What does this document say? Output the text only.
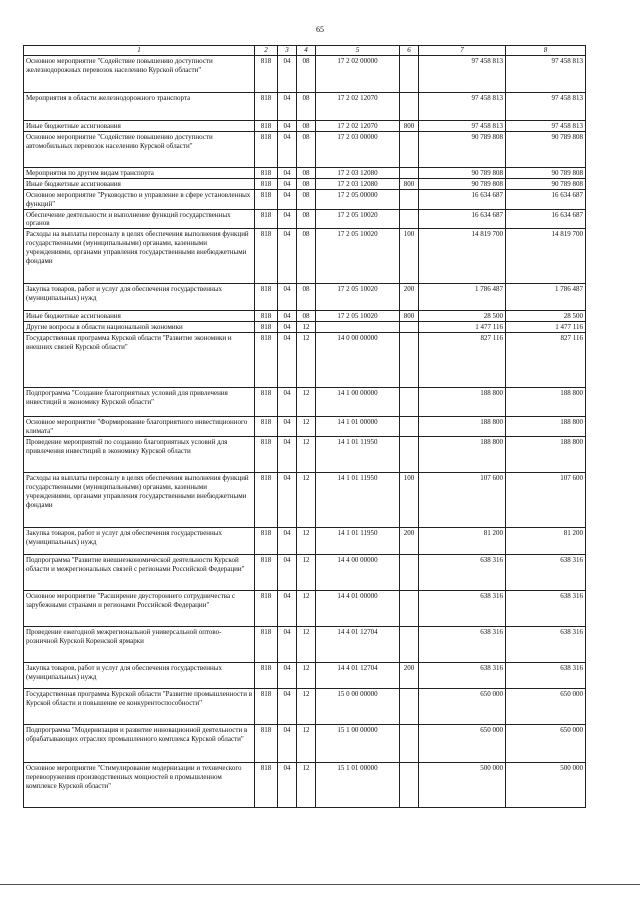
65
1	2	3	4	5	6	7	8
Основное мероприятие "Содействие повышению доступности железнодорожных перевозок населению Курской области"	818	04	08	17 2 02 00000		97 458 813	97 458 813
Мероприятия в области железнодорожного транспорта	818	04	08	17 2 02 12070		97 458 813	97 458 813
Иные бюджетные ассигнования	818	04	08	17 2 02 12070	800	97 458 813	97 458 813
Основное мероприятие "Содействие повышению доступности автомобильных перевозок населению Курской области"	818	04	08	17 2 03 00000		90 789 808	90 789 808
Мероприятия по другим видам транспорта	818	04	08	17 2 03 12080		90 789 808	90 789 808
Иные бюджетные ассигнования	818	04	08	17 2 03 12080	800	90 789 808	90 789 808
Основное мероприятие "Руководство и управление в сфере установленных функций"	818	04	08	17 2 05 00000		16 634 687	16 634 687
Обеспечение деятельности и выполнение функций государственных органов	818	04	08	17 2 05 10020		16 634 687	16 634 687
Расходы на выплаты персоналу в целях обеспечения выполнения функций государственными (муниципальными) органами, казенными учреждениями, органами управления государственными внебюджетными фондами	818	04	08	17 2 05 10020	100	14 819 700	14 819 700
Закупка товаров, работ и услуг для обеспечения государственных (муниципальных) нужд	818	04	08	17 2 05 10020	200	1 786 487	1 786 487
Иные бюджетные ассигнования	818	04	08	17 2 05 10020	800	28 500	28 500
Другие вопросы в области национальной экономики	818	04	12			1 477 116	1 477 116
Государственная программа Курской области "Развитие экономики и внешних связей Курской области"	818	04	12	14 0 00 00000		827 116	827 116
Подпрограмма "Создание благоприятных условий для привлечения инвестиций в экономику Курской области"	818	04	12	14 1 00 00000		188 800	188 800
Основное мероприятие "Формирование благоприятного инвестиционного климата"	818	04	12	14 1 01 00000		188 800	188 800
Проведение мероприятий по созданию благоприятных условий для привлечения инвестиций в экономику Курской области	818	04	12	14 1 01 11950		188 800	188 800
Расходы на выплаты персоналу в целях обеспечения выполнения функций государственными (муниципальными) органами, казенными учреждениями, органами управления государственными внебюджетными фондами	818	04	12	14 1 01 11950	100	107 600	107 600
Закупка товаров, работ и услуг для обеспечения государственных (муниципальных) нужд	818	04	12	14 1 01 11950	200	81 200	81 200
Подпрограмма "Развитие внешнеэкономической деятельности Курской области и межрегиональных связей с регионами Российской Федерации"	818	04	12	14 4 00 00000		638 316	638 316
Основное мероприятие "Расширение двустороннего сотрудничества с зарубежными странами и регионами Российской Федерации"	818	04	12	14 4 01 00000		638 316	638 316
Проведение ежегодной межрегиональной универсальной оптово-розничной Курской Коренской ярмарки	818	04	12	14 4 01 12704		638 316	638 316
Закупка товаров, работ и услуг для обеспечения государственных (муниципальных) нужд	818	04	12	14 4 01 12704	200	638 316	638 316
Государственная программа Курской области "Развитие промышленности в Курской области и повышение ее конкурентоспособности"	818	04	12	15 0 00 00000		650 000	650 000
Подпрограмма "Модернизация и развитие инновационной деятельности в обрабатывающих отраслях промышленного комплекса Курской области"	818	04	12	15 1 00 00000		650 000	650 000
Основное мероприятие "Стимулирование модернизации и технического перевооружения производственных мощностей в промышленном комплексе Курской области"	818	04	12	15 1 01 00000		500 000	500 000
